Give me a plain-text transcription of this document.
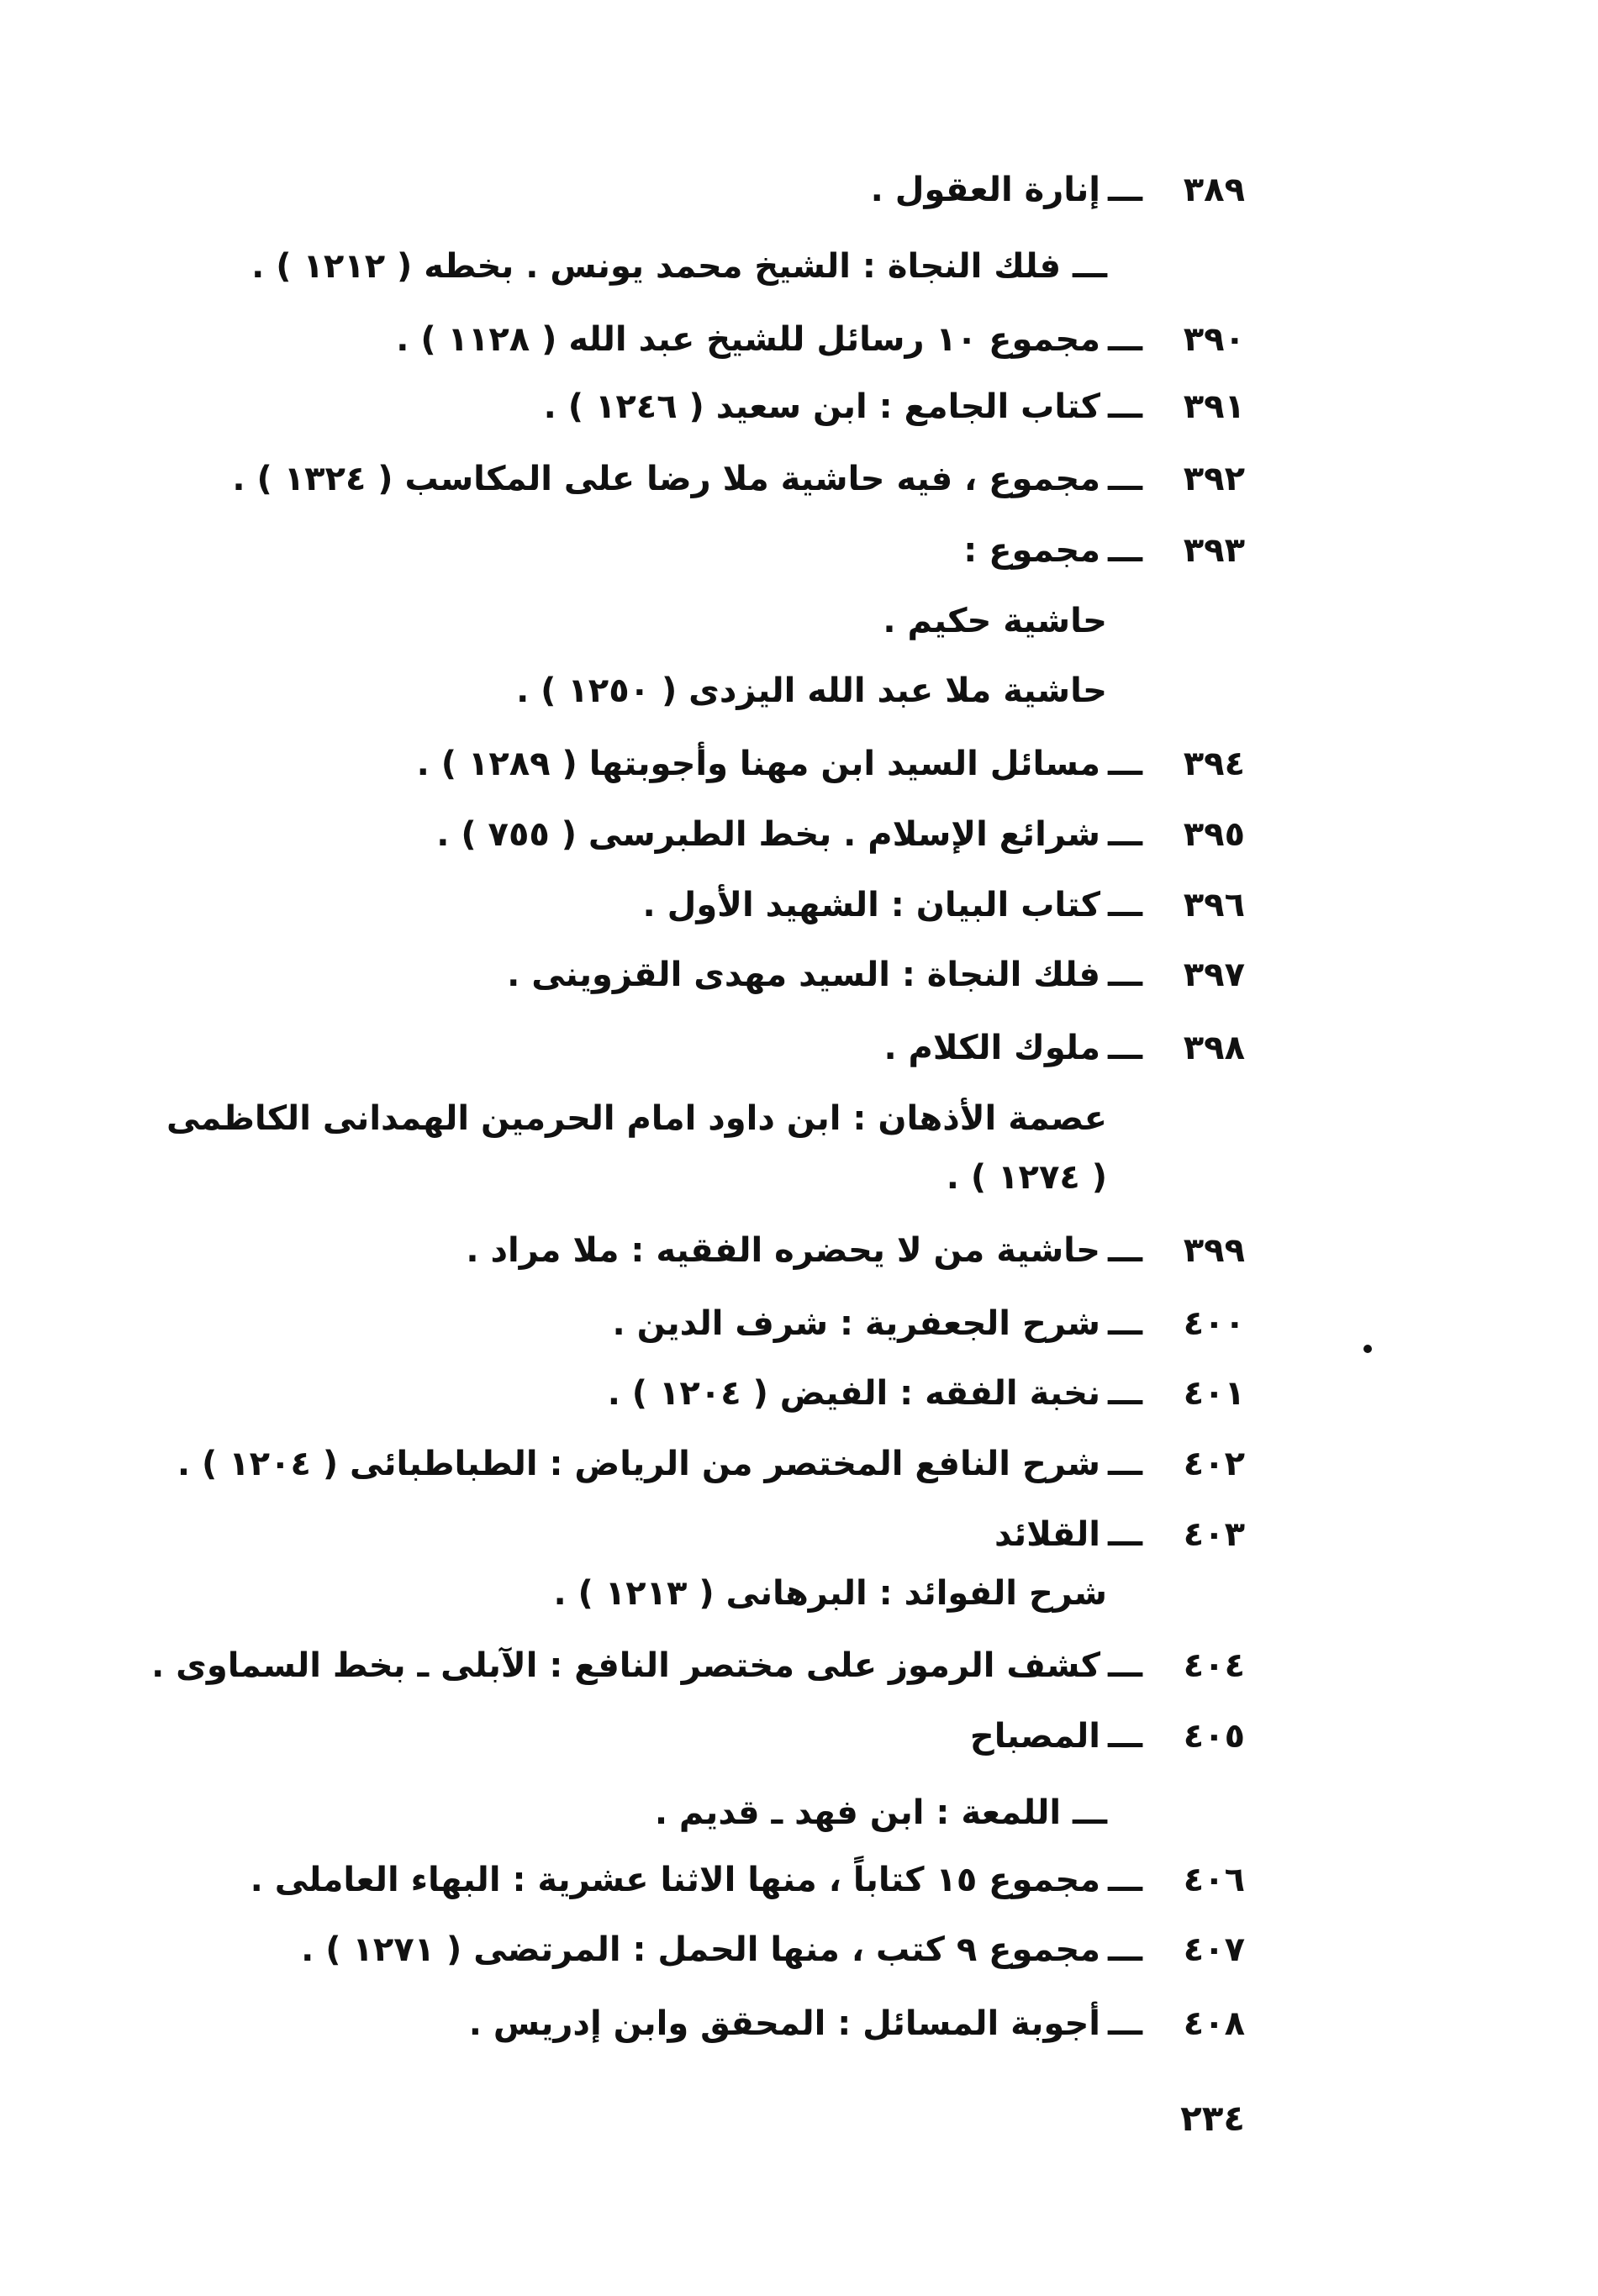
٢٣٤
٣٨٩
ـــ
إنارة العقول .
ـــ فلك النجاة : الشيخ محمد يونس . بخطه ( ١٢١٢ ) .
٣٩٠
ـــ
مجموع ١٠ رسائل للشيخ عبد الله ( ١١٢٨ ) .
٣٩١
ـــ
كتاب الجامع : ابن سعيد ( ١٢٤٦ ) .
٣٩٢
ـــ
مجموع ، فيه حاشية ملا رضا على المكاسب ( ١٣٢٤ ) .
٣٩٣
ـــ
مجموع :
حاشية حكيم .
حاشية ملا عبد الله اليزدى ( ١٢٥٠ ) .
٣٩٤
ـــ
مسائل السيد ابن مهنا وأجوبتها ( ١٢٨٩ ) .
٣٩٥
ـــ
شرائع الإسلام . بخط الطبرسى ( ٧٥٥ ) .
٣٩٦
ـــ
كتاب البيان : الشهيد الأول .
٣٩٧
ـــ
فلك النجاة : السيد مهدى القزوينى .
٣٩٨
ـــ
ملوك الكلام .
عصمة الأذهان : ابن داود امام الحرمين الهمدانى الكاظمى
( ١٢٧٤ ) .
٣٩٩
ـــ
حاشية من لا يحضره الفقيه : ملا مراد .
٤٠٠
ـــ
شرح الجعفرية : شرف الدين .
٤٠١
ـــ
نخبة الفقه : الفيض ( ١٢٠٤ ) .
٤٠٢
ـــ
شرح النافع المختصر من الرياض : الطباطبائى ( ١٢٠٤ ) .
٤٠٣
ـــ
القلائد
شرح الفوائد : البرهانى ( ١٢١٣ ) .
٤٠٤
ـــ
كشف الرموز على مختصر النافع : الآبلى ـ بخط السماوى .
٤٠٥
ـــ
المصباح
ـــ اللمعة : ابن فهد ـ قديم .
٤٠٦
ـــ
مجموع ١٥ كتاباً ، منها الاثنا عشرية : البهاء العاملى .
٤٠٧
ـــ
مجموع ٩ كتب ، منها الحمل : المرتضى ( ١٢٧١ ) .
٤٠٨
ـــ
أجوبة المسائل : المحقق وابن إدريس .
